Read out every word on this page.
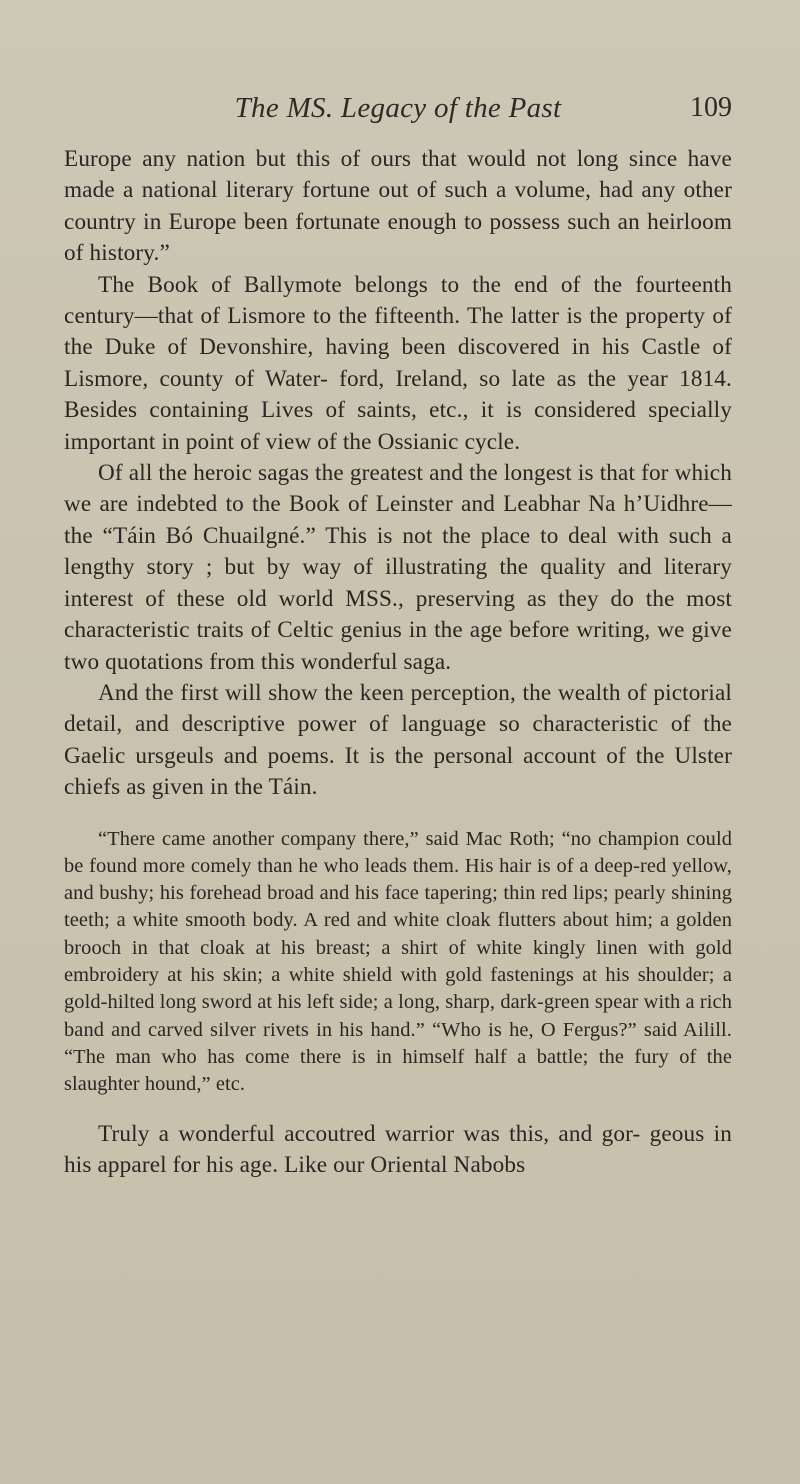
The MS. Legacy of the Past	109

Europe any nation but this of ours that would not long since have made a national literary fortune out of such a volume, had any other country in Europe been fortunate enough to possess such an heirloom of history.”

The Book of Ballymote belongs to the end of the fourteenth century—that of Lismore to the fifteenth. The latter is the property of the Duke of Devonshire, having been discovered in his Castle of Lismore, county of Water- ford, Ireland, so late as the year 1814. Besides containing Lives of saints, etc., it is considered specially important in point of view of the Ossianic cycle.

Of all the heroic sagas the greatest and the longest is that for which we are indebted to the Book of Leinster and Leabhar Na h’Uidhre—the “Táin Bó Chuailgné.” This is not the place to deal with such a lengthy story ; but by way of illustrating the quality and literary interest of these old world MSS., preserving as they do the most characteristic traits of Celtic genius in the age before writing, we give two quotations from this wonderful saga.

And the first will show the keen perception, the wealth of pictorial detail, and descriptive power of language so characteristic of the Gaelic ursgeuls and poems. It is the personal account of the Ulster chiefs as given in the Táin.

“There came another company there,” said Mac Roth; “no champion could be found more comely than he who leads them. His hair is of a deep-red yellow, and bushy; his forehead broad and his face tapering; thin red lips; pearly shining teeth; a white smooth body. A red and white cloak flutters about him; a golden brooch in that cloak at his breast; a shirt of white kingly linen with gold embroidery at his skin; a white shield with gold fastenings at his shoulder; a gold-hilted long sword at his left side; a long, sharp, dark-green spear with a rich band and carved silver rivets in his hand.” “Who is he, O Fergus?” said Ailill. “The man who has come there is in himself half a battle; the fury of the slaughter hound,” etc.

Truly a wonderful accoutred warrior was this, and gor- geous in his apparel for his age. Like our Oriental Nabobs
